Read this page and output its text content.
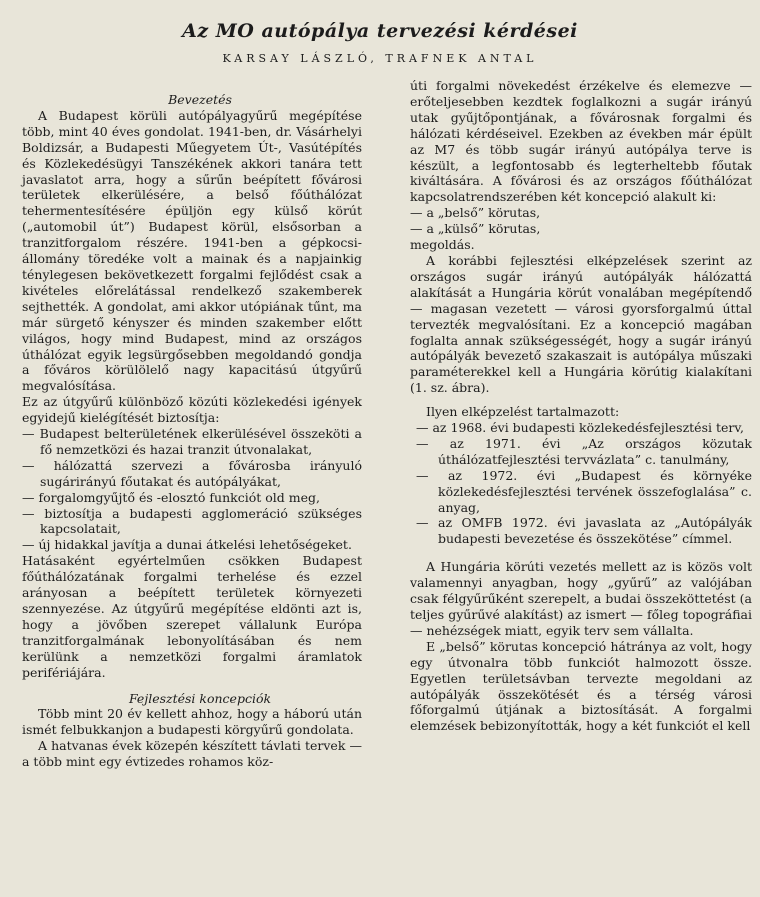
Az MO autópálya tervezési kérdései
KARSAY LÁSZLÓ, TRAFNEK ANTAL

Bevezetés

A Budapest körüli autópályagyűrű megépítése több, mint 40 éves gondolat. 1941-ben, dr. Vásárhelyi Boldizsár, a Budapesti Műegyetem Út-, Vasútépítés és Közlekedésügyi Tanszékének akkori tanára tett javaslatot arra, hogy a sűrűn beépített fővárosi területek elkerülésére, a belső főúthálózat tehermentesítésére épüljön egy külső körút („automobil út”) Budapest körül, elsősorban a tranzitforgalom részére. 1941-ben a gépkocsi-állomány töredéke volt a mainak és a napjainkig ténylegesen bekövetkezett forgalmi fejlődést csak a kivételes előrelátással rendelkező szakemberek sejthették. A gondolat, ami akkor utópiának tűnt, ma már sürgető kényszer és minden szakember előtt világos, hogy mind Budapest, mind az országos úthálózat egyik legsürgősebben megoldandó gondja a főváros körülölelő nagy kapacitású útgyűrű megvalósítása.

Ez az útgyűrű különböző közúti közlekedési igények egyidejű kielégítését biztosítja:

— Budapest belterületének elkerülésével összeköti a fő nemzetközi és hazai tranzit útvonalakat,
— hálózattá szervezi a fővárosba irányuló sugárirányú főutakat és autópályákat,
— forgalomgyűjtő és -elosztó funkciót old meg,
— biztosítja a budapesti agglomeráció szükséges kapcsolatait,
— új hidakkal javítja a dunai átkelési lehetőségeket.

Hatásaként egyértelműen csökken Budapest főúthálózatának forgalmi terhelése és ezzel arányosan a beépített területek környezeti szennyezése. Az útgyűrű megépítése eldönti azt is, hogy a jövőben szerepet vállalunk Európa tranzitforgalmának lebonyolításában és nem kerülünk a nemzetközi forgalmi áramlatok perifériájára.

Fejlesztési koncepciók

Több mint 20 év kellett ahhoz, hogy a háború után ismét felbukkanjon a budapesti körgyűrű gondolata.

A hatvanas évek közepén készített távlati tervek — a több mint egy évtizedes rohamos köz-

úti forgalmi növekedést érzékelve és elemezve — erőteljesebben kezdtek foglalkozni a sugár irányú utak gyűjtőpontjának, a fővárosnak forgalmi és hálózati kérdéseivel. Ezekben az években már épült az M7 és több sugár irányú autópálya terve is készült, a legfontosabb és legterheltebb főutak kiváltására. A fővárosi és az országos főúthálózat kapcsolatrendszerében két koncepció alakult ki:

— a „belső” körutas,
— a „külső” körutas,

megoldás.

A korábbi fejlesztési elképzelések szerint az országos sugár irányú autópályák hálózattá alakítását a Hungária körút vonalában megépítendő — magasan vezetett — városi gyorsforgalmú úttal tervezték megvalósítani. Ez a koncepció magában foglalta annak szükségességét, hogy a sugár irányú autópályák bevezető szakaszait is autópálya műszaki paraméterekkel kell a Hungária körútig kialakítani (1. sz. ábra).

Ilyen elképzelést tartalmazott:

— az 1968. évi budapesti közlekedésfejlesztési terv,
— az 1971. évi „Az országos közutak úthálózatfejlesztési tervvázlata” c. tanulmány,
— az 1972. évi „Budapest és környéke közlekedésfejlesztési tervének összefoglalása” c. anyag,
— az OMFB 1972. évi javaslata az „Autópályák budapesti bevezetése és összekötése” címmel.

A Hungária körúti vezetés mellett az is közös volt valamennyi anyagban, hogy „gyűrű” az valójában csak félgyűrűként szerepelt, a budai összeköttetést (a teljes gyűrűvé alakítást) az ismert — főleg topográfiai — nehézségek miatt, egyik terv sem vállalta.

E „belső” körutas koncepció hátránya az volt, hogy egy útvonalra több funkciót halmozott össze. Egyetlen területsávban tervezte megoldani az autópályák összekötését és a térség városi főforgalmú útjának a biztosítását. A forgalmi elemzések bebizonyították, hogy a két funkciót el kell
